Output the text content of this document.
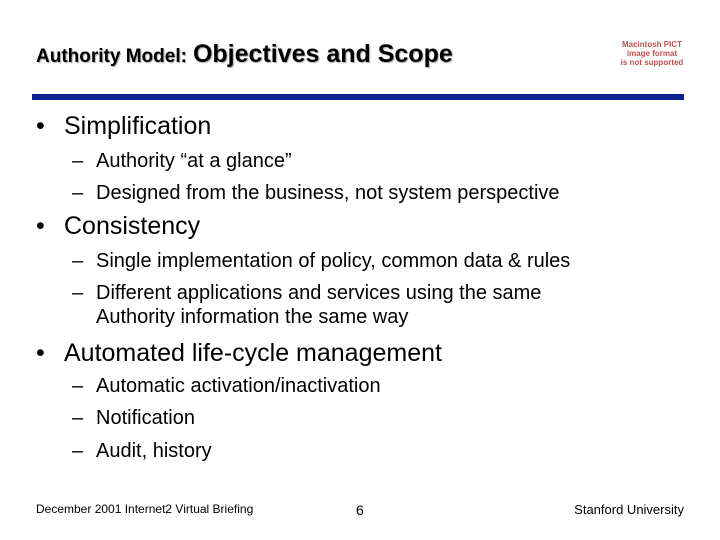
Authority Model: Objectives and Scope	Macintosh PICT
image format
is not supported
• Simplification
– Authority “at a glance”
– Designed from the business, not system perspective
• Consistency
– Single implementation of policy, common data & rules
– Different applications and services using the same
Authority information the same way
• Automated life-cycle management
– Automatic activation/inactivation
– Notification
– Audit, history
December 2001 Internet2 Virtual Briefing	6	Stanford University
